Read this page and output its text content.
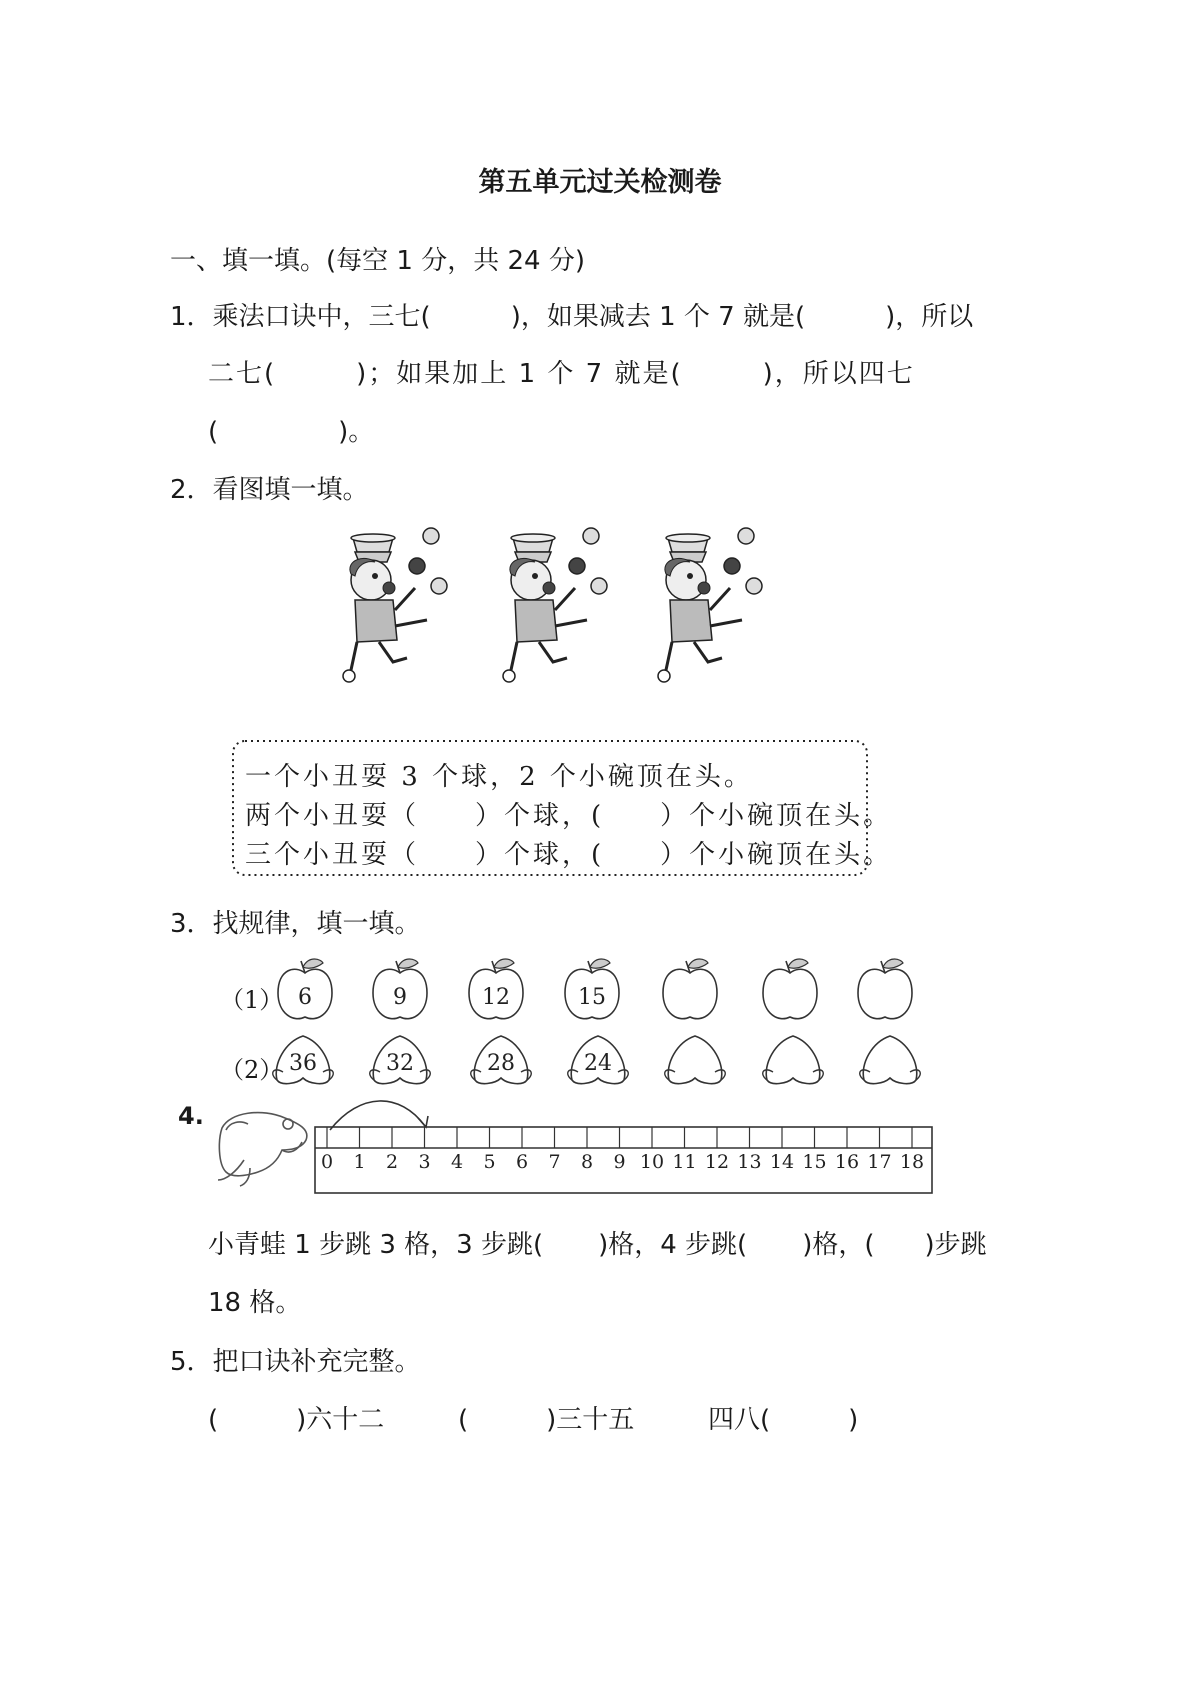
第五单元过关检测卷
一、填一填。(每空 1 分，共 24 分)
1．乘法口诀中，三七(	)，如果减去 1 个 7 就是(	)，所以
二七(	)；如果加上 1 个 7 就是(	)，所以四七
(	)。
2．看图填一填。
一个小丑耍 3 个球，2 个小碗顶在头。
两个小丑耍（ ）个球，( ）个小碗顶在头。
三个小丑耍（ ）个球，( ）个小碗顶在头。
3．找规律，填一填。
（1）
（2）
6	9	12	15
36	32	28	24
4.
0 1 2 3 4 5 6 7 8 9 10 11 12 13 14 15 16 17 18
小青蛙 1 步跳 3 格，3 步跳( )格，4 步跳( )格，( )步跳
18 格。
5．把口诀补充完整。
(	)六十二	(	)三十五	四八(	)
